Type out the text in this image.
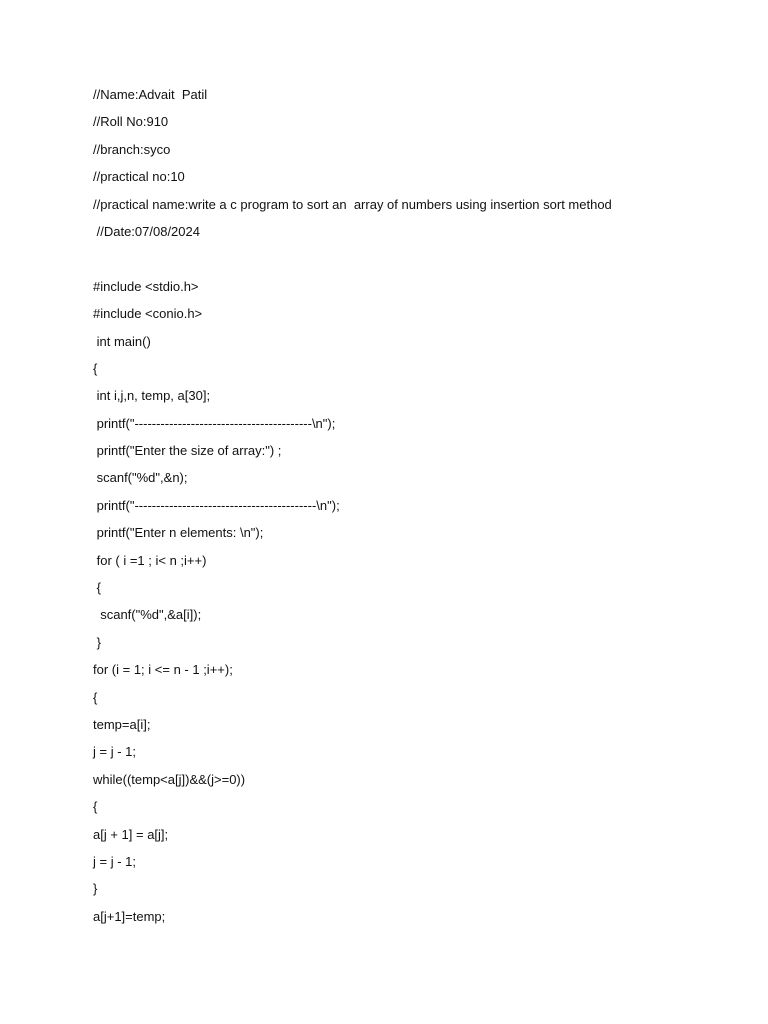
//Name:Advait  Patil
//Roll No:910
//branch:syco
//practical no:10
//practical name:write a c program to sort an  array of numbers using insertion sort method
//Date:07/08/2024
#include <stdio.h>
#include <conio.h>
int main()
{
int i,j,n, temp, a[30];
printf("-----------------------------------------\n");
printf("Enter the size of array:") ;
scanf("%d",&n);
printf("------------------------------------------\n");
printf("Enter n elements: \n");
for ( i =1 ; i< n ;i++)
{
scanf("%d",&a[i]);
}
for (i = 1; i <= n - 1 ;i++);
{
temp=a[i];
j = j - 1;
while((temp<a[j])&&(j>=0))
{
a[j + 1] = a[j];
j = j - 1;
}
a[j+1]=temp;
